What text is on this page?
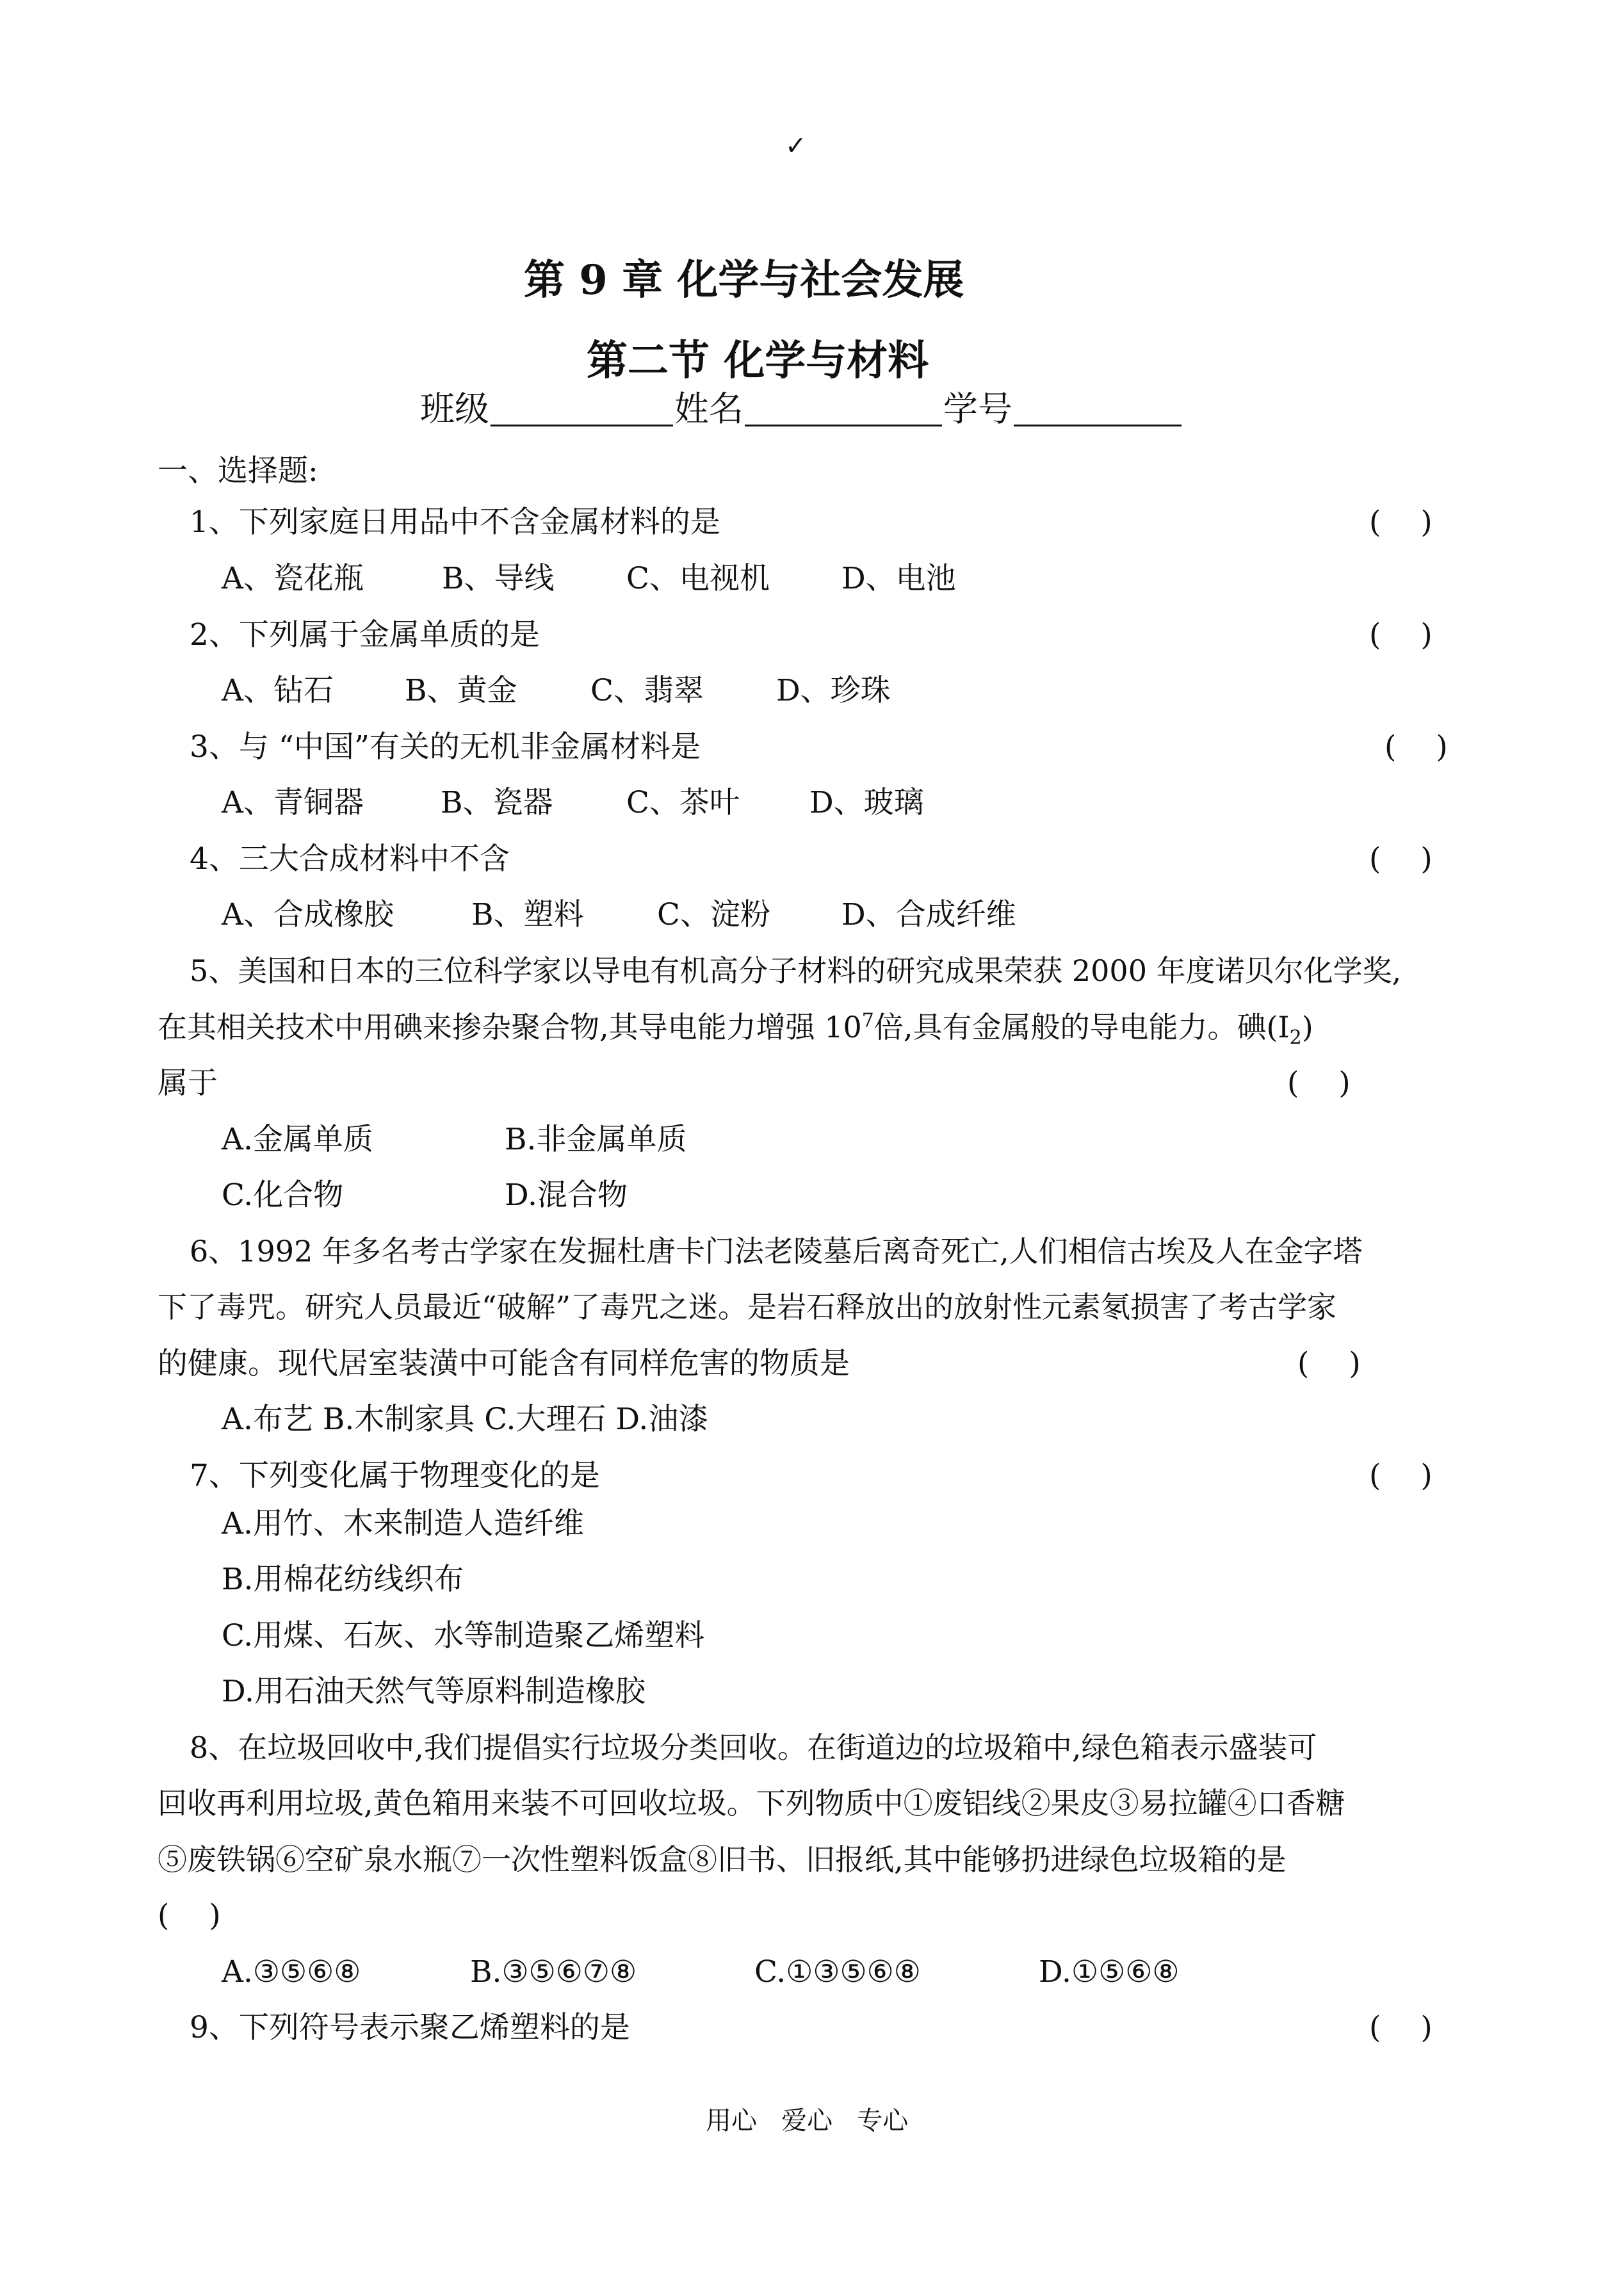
✓
第 9 章 化学与社会发展
第二节 化学与材料
班级	姓名	学号
一、选择题:
1、下列家庭日用品中不含金属材料的是	( )
A、瓷花瓶	B、导线 C、电视机 D、电池
2、下列属于金属单质的是	( )
A、钻石 B、黄金 C、翡翠 D、珍珠
3、与 “中国”有关的无机非金属材料是	( )
A、青铜器	B、瓷器 C、茶叶 D、玻璃
4、三大合成材料中不含	( )
A、合成橡胶	B、塑料 C、淀粉 D、合成纤维
5、美国和日本的三位科学家以导电有机高分子材料的研究成果荣获 2000 年度诺贝尔化学奖,
在其相关技术中用碘来掺杂聚合物,其导电能力增强 $10^7$倍,具有金属般的导电能力。碘$(I_2)$
属于	( )
A.金属单质	B.非金属单质
C.化合物	D.混合物
6、1992 年多名考古学家在发掘杜唐卡门法老陵墓后离奇死亡,人们相信古埃及人在金字塔
下了毒咒。研究人员最近“破解”了毒咒之迷。是岩石释放出的放射性元素氡损害了考古学家
的健康。现代居室装潢中可能含有同样危害的物质是	( )
A.布艺 B.木制家具 C.大理石 D.油漆
7、下列变化属于物理变化的是	( )
A.用竹、木来制造人造纤维
B.用棉花纺线织布
C.用煤、石灰、水等制造聚乙烯塑料
D.用石油天然气等原料制造橡胶
8、在垃圾回收中,我们提倡实行垃圾分类回收。在街道边的垃圾箱中,绿色箱表示盛装可
回收再利用垃圾,黄色箱用来装不可回收垃圾。下列物质中①废铝线②果皮③易拉罐④口香糖
⑤废铁锅⑥空矿泉水瓶⑦一次性塑料饭盒⑧旧书、旧报纸,其中能够扔进绿色垃圾箱的是
( )
A.③⑤⑥⑧	B.③⑤⑥⑦⑧	C.①③⑤⑥⑧	D.①⑤⑥⑧
9、下列符号表示聚乙烯塑料的是	( )
用心   爱心   专心
